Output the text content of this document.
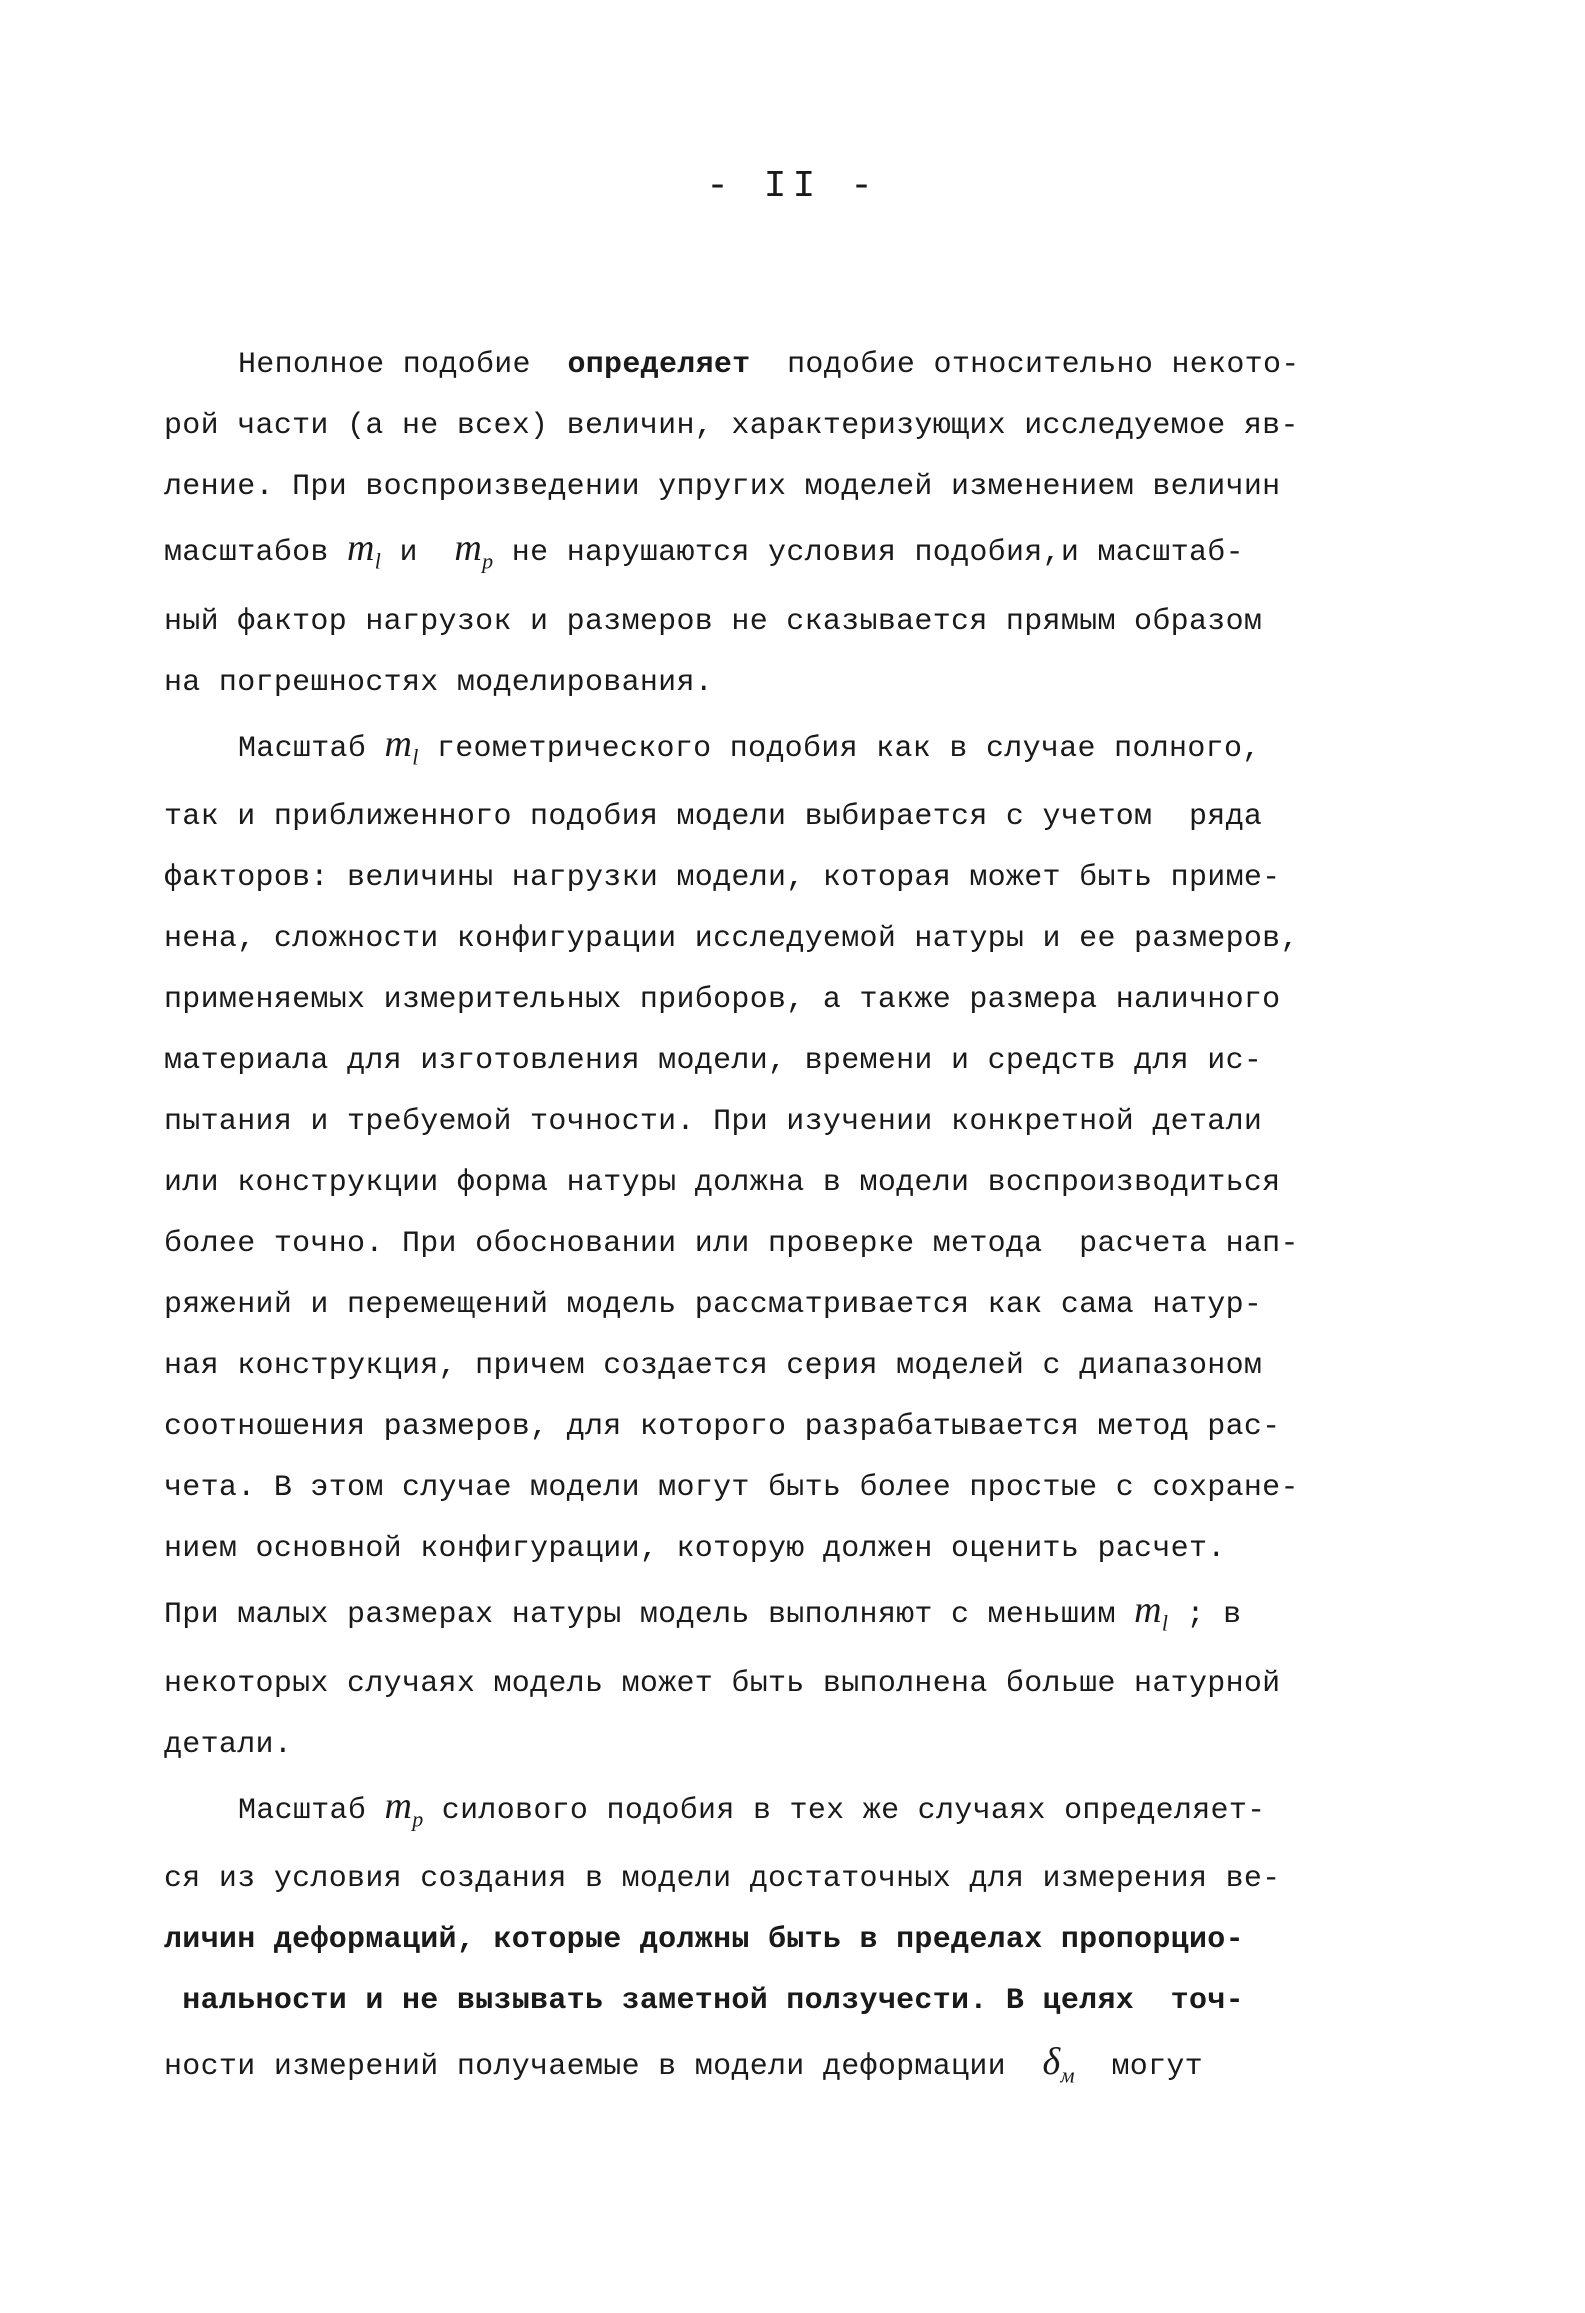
- II -
Неполное подобие  определяет  подобие относительно некото-
рой части (а не всех) величин, характеризующих исследуемое яв-
ление. При воспроизведении упругих моделей изменением величин
масштабов $m_l$ и  $m_p$ не нарушаются условия подобия,и масштаб-
ный фактор нагрузок и размеров не сказывается прямым образом
на погрешностях моделирования.
Масштаб $m_l$ геометрического подобия как в случае полного,
так и приближенного подобия модели выбирается с учетом  ряда
факторов: величины нагрузки модели, которая может быть приме-
нена, сложности конфигурации исследуемой натуры и ее размеров,
применяемых измерительных приборов, а также размера наличного
материала для изготовления модели, времени и средств для ис-
пытания и требуемой точности. При изучении конкретной детали
или конструкции форма натуры должна в модели воспроизводиться
более точно. При обосновании или проверке метода  расчета нап-
ряжений и перемещений модель рассматривается как сама натур-
ная конструкция, причем создается серия моделей с диапазоном
соотношения размеров, для которого разрабатывается метод рас-
чета. В этом случае модели могут быть более простые с сохране-
нием основной конфигурации, которую должен оценить расчет.
При малых размерах натуры модель выполняют с меньшим $m_l$ ; в
некоторых случаях модель может быть выполнена больше натурной
детали.
Масштаб $m_p$ силового подобия в тех же случаях определяет-
ся из условия создания в модели достаточных для измерения ве-
личин деформаций, которые должны быть в пределах пропорцио-
нальности и не вызывать заметной ползучести. В целях  точ-
ности измерений получаемые в модели деформации  $\delta_м$  могут
